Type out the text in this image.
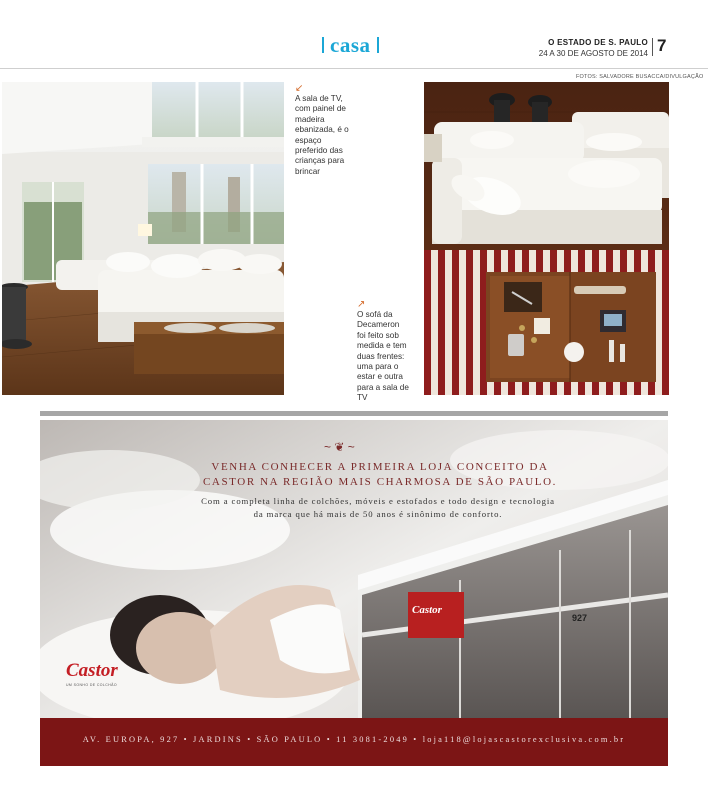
casa	O ESTADO DE S. PAULO
24 A 30 DE AGOSTO DE 2014 7
FOTOS: SALVADORE BUSACCA/DIVULGAÇÃO
↙
A sala de TV, com painel de madeira ebanizada, é o espaço preferido das crianças para brincar
↗
O sofá da Decameron foi feito sob medida e tem duas frentes: uma para o estar e outra para a sala de TV
~ ❦ ~
VENHA CONHECER A PRIMEIRA LOJA CONCEITO DA CASTOR NA REGIÃO MAIS CHARMOSA DE SÃO PAULO.
Com a completa linha de colchões, móveis e estofados e todo design e tecnologia da marca que há mais de 50 anos é sinônimo de conforto.
927
Castor
Castor
UM SONHO DE COLCHÃO
AV. EUROPA, 927 • JARDINS • SÃO PAULO • 11 3081-2049 • loja118@lojascastorexclusiva.com.br
